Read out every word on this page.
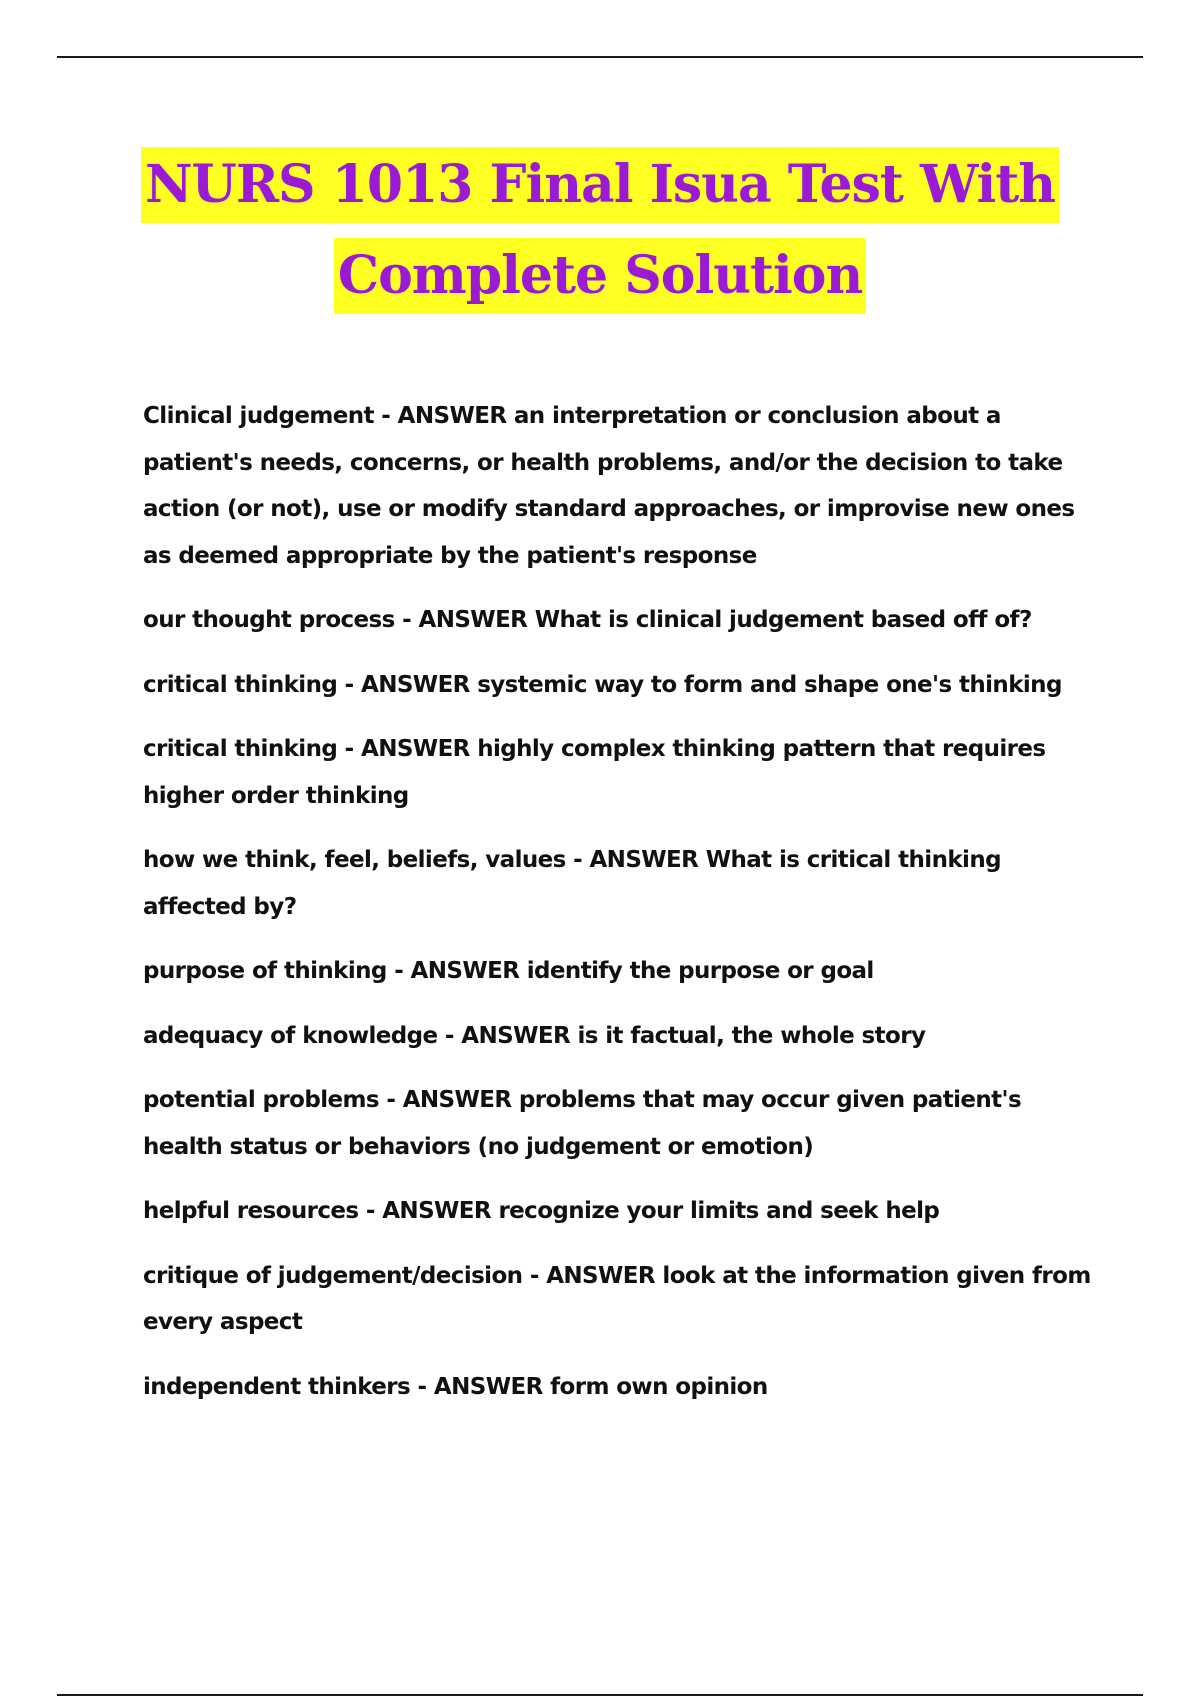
NURS 1013 Final Isua Test With
Complete Solution
Clinical judgement - ANSWER an interpretation or conclusion about a patient's needs, concerns, or health problems, and/or the decision to take action (or not), use or modify standard approaches, or improvise new ones as deemed appropriate by the patient's response
our thought process - ANSWER What is clinical judgement based off of?
critical thinking - ANSWER systemic way to form and shape one's thinking
critical thinking - ANSWER highly complex thinking pattern that requires higher order thinking
how we think, feel, beliefs, values - ANSWER What is critical thinking affected by?
purpose of thinking - ANSWER identify the purpose or goal
adequacy of knowledge - ANSWER is it factual, the whole story
potential problems - ANSWER problems that may occur given patient's health status or behaviors (no judgement or emotion)
helpful resources - ANSWER recognize your limits and seek help
critique of judgement/decision - ANSWER look at the information given from every aspect
independent thinkers - ANSWER form own opinion
